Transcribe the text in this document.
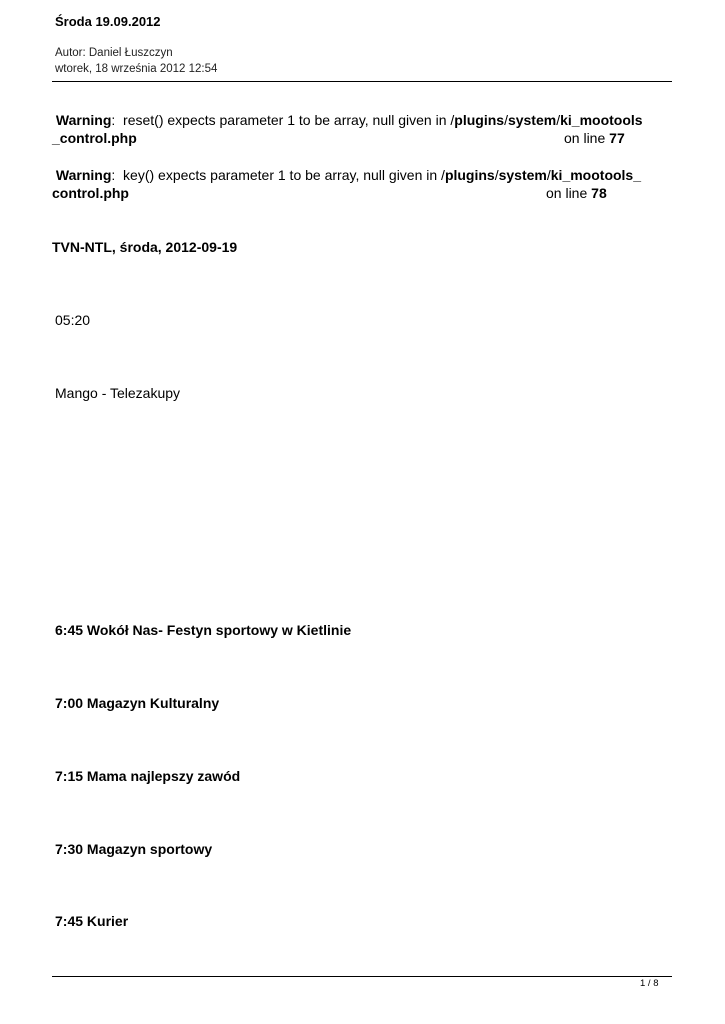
Środa 19.09.2012
Autor: Daniel Łuszczyn
wtorek, 18 września 2012 12:54
Warning: reset() expects parameter 1 to be array, null given in /plugins/system/ki_mootools
_control.php	on line 77
Warning: key() expects parameter 1 to be array, null given in /plugins/system/ki_mootools_
control.php	on line 78
TVN-NTL, środa, 2012-09-19
05:20
Mango - Telezakupy
6:45 Wokół Nas- Festyn sportowy w Kietlinie
7:00 Magazyn Kulturalny
7:15 Mama najlepszy zawód
7:30 Magazyn sportowy
7:45 Kurier
1 / 8
